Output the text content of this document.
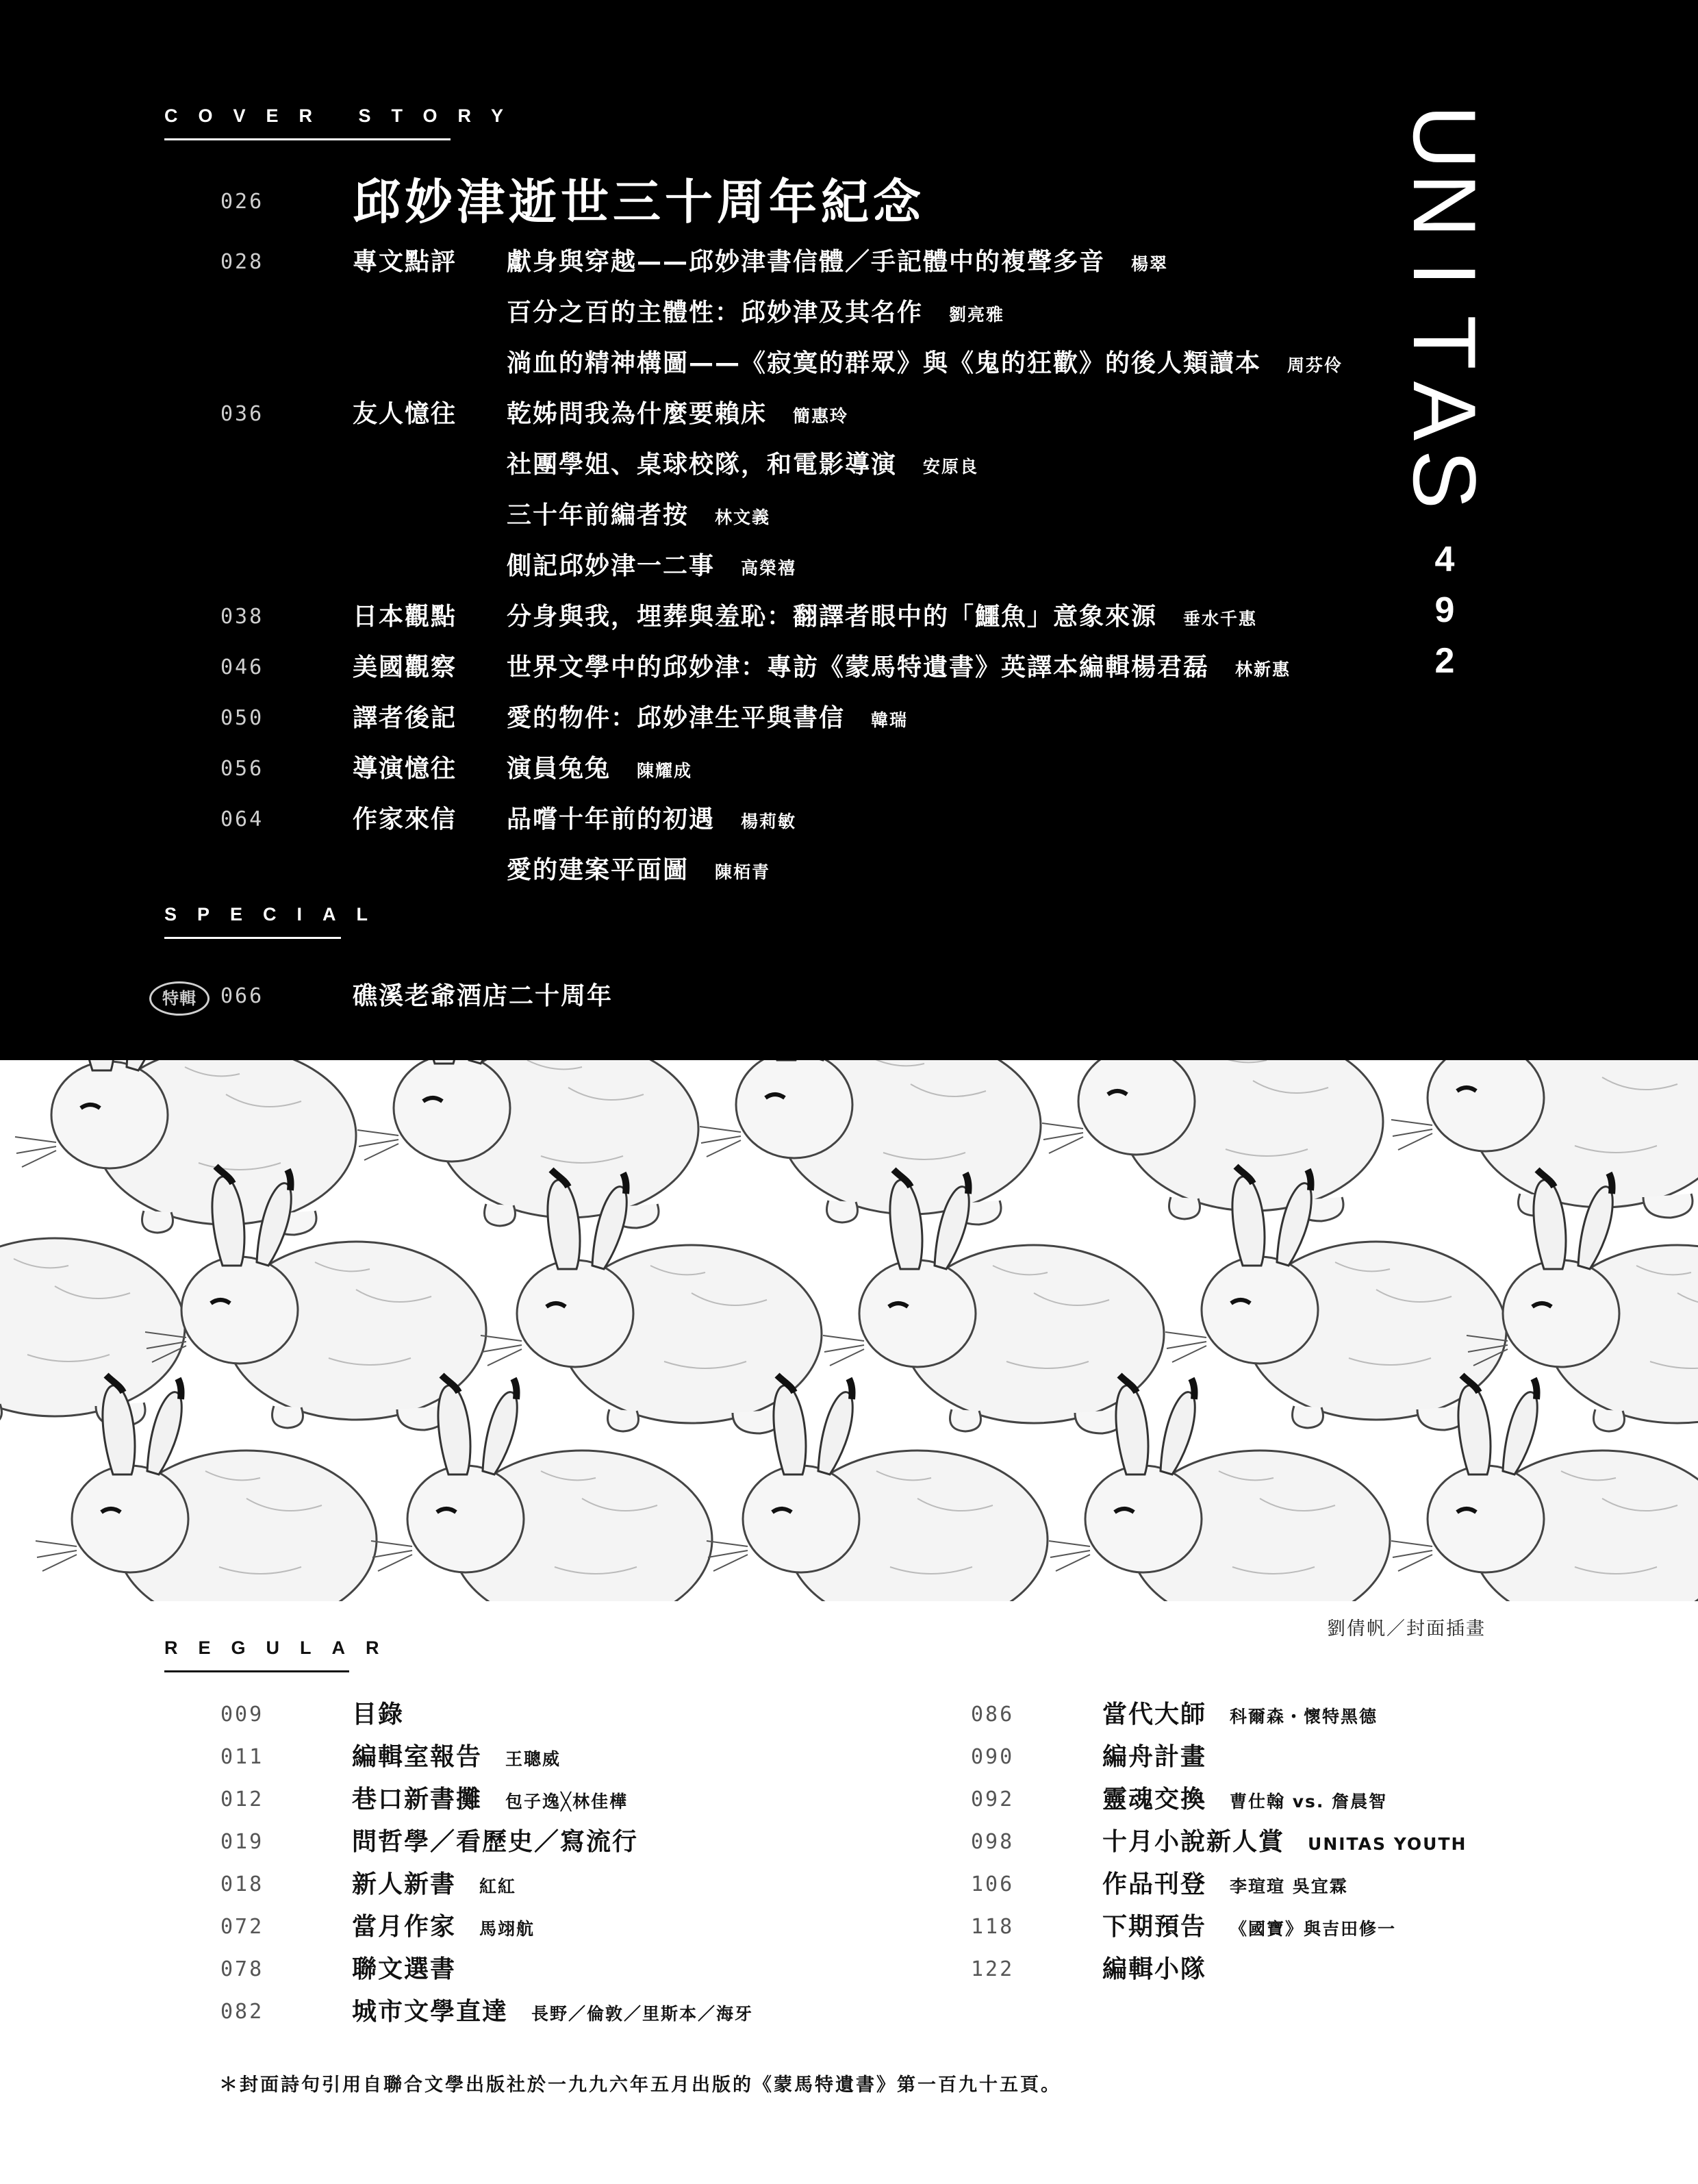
COVER STORY
026 邱妙津逝世三十周年紀念
028	專文點評 獻身與穿越——邱妙津書信體／手記體中的複聲多音 楊翠
百分之百的主體性：邱妙津及其名作 劉亮雅
淌血的精神構圖——《寂寞的群眾》與《鬼的狂歡》的後人類讀本 周芬伶
036	友人憶往 乾姊問我為什麼要賴床 簡惠玲
社團學姐、桌球校隊，和電影導演 安原良
三十年前編者按 林文義
側記邱妙津一二事 高榮禧
038	日本觀點 分身與我，埋葬與羞恥：翻譯者眼中的「鱷魚」意象來源 垂水千惠
046	美國觀察 世界文學中的邱妙津：專訪《蒙馬特遺書》英譯本編輯楊君磊 林新惠
050	譯者後記 愛的物件：邱妙津生平與書信 韓瑞
056	導演憶往 演員兔兔 陳耀成
064	作家來信 品嚐十年前的初遇 楊莉敏
愛的建案平面圖 陳栢青
SPECIAL
特輯	066	礁溪老爺酒店二十周年
U
N
I
T
A
S
4
9
2
劉倩帆／封面插畫
REGULAR
009	目錄
011	編輯室報告 王聰威
012	巷口新書攤 包子逸╳林佳樺
019	問哲學／看歷史／寫流行
018	新人新書 紅紅
072	當月作家 馬翊航
078	聯文選書
082	城市文學直達 長野／倫敦／里斯本／海牙
086	當代大師 科爾森・懷特黑德
090	編舟計畫
092	靈魂交換 曹仕翰 vs. 詹晨智
098	十月小說新人賞 UNITAS YOUTH
106	作品刊登 李瑄瑄 吳宜霖
118	下期預告 《國寶》與吉田修一
122	編輯小隊
＊封面詩句引用自聯合文學出版社於一九九六年五月出版的《蒙馬特遺書》第一百九十五頁。
